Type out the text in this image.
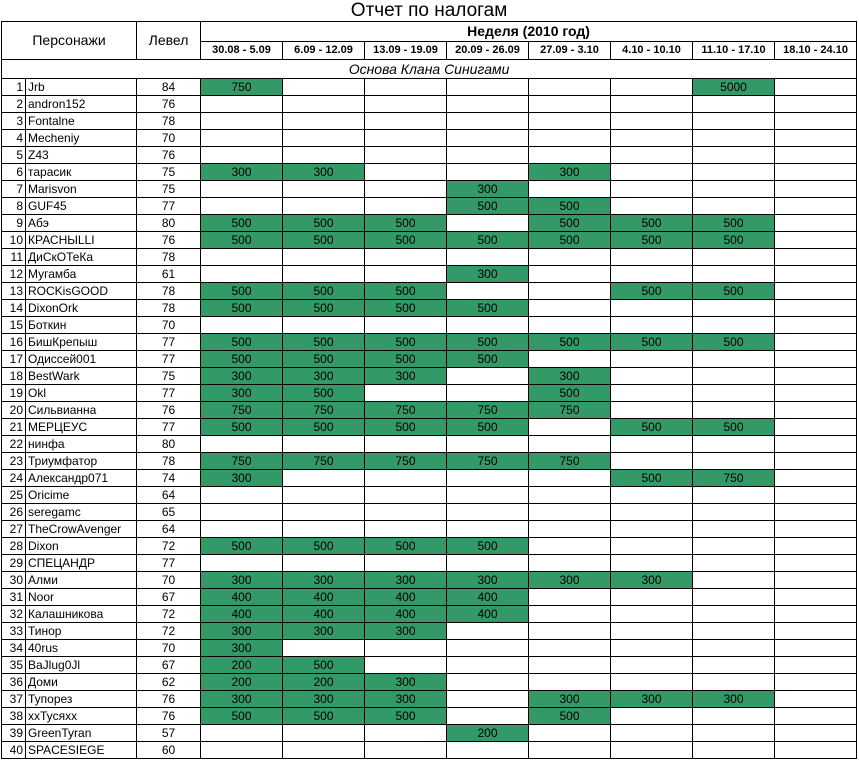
Отчет по налогам										
Персонажи		Левел	Неделя (2010 год)							
			30.08 - 5.09	6.09 - 12.09	13.09 - 19.09	20.09 - 26.09	27.09 - 3.10	4.10 - 10.10	11.10 - 17.10	18.10 - 24.10
Основа Клана Синигами										
1	Jrb	84	750						5000	
2	andron152	76								
3	Fontalne	78								
4	Mecheniy	70								
5	Z43	76								
6	тарасик	75	300	300			300			
7	Marisvon	75				300				
8	GUF45	77				500	500			
9	Абэ	80	500	500	500		500	500	500	
10	КРАСНЫLLI	76	500	500	500	500	500	500	500	
11	ДиСкОТеКа	78								
12	Мугамба	61				300				
13	ROCKisGOOD	78	500	500	500			500	500	
14	DixonOrk	78	500	500	500	500				
15	Боткин	70								
16	БишКрепыш	77	500	500	500	500	500	500	500	
17	Одиссей001	77	500	500	500	500				
18	BestWark	75	300	300	300		300			
19	Okl	77	300	500			500			
20	Сильвианна	76	750	750	750	750	750			
21	МЕРЦЕУС	77	500	500	500	500		500	500	
22	нинфа	80								
23	Триумфатор	78	750	750	750	750	750			
24	Александр071	74	300					500	750	
25	Oricime	64								
26	seregamc	65								
27	TheCrowAvenger	64								
28	Dixon	72	500	500	500	500				
29	СПЕЦАНДР	77								
30	Алми	70	300	300	300	300	300	300		
31	Noor	67	400	400	400	400				
32	Калашникова	72	400	400	400	400				
33	Тинор	72	300	300	300					
34	40rus	70	300							
35	BaJlug0Jl	67	200	500						
36	Доми	62	200	200	300					
37	Тупорез	76	300	300	300		300	300	300	
38	xxTycяxx	76	500	500	500		500			
39	GreenTyran	57				200				
40	SPACESIEGE	60								
